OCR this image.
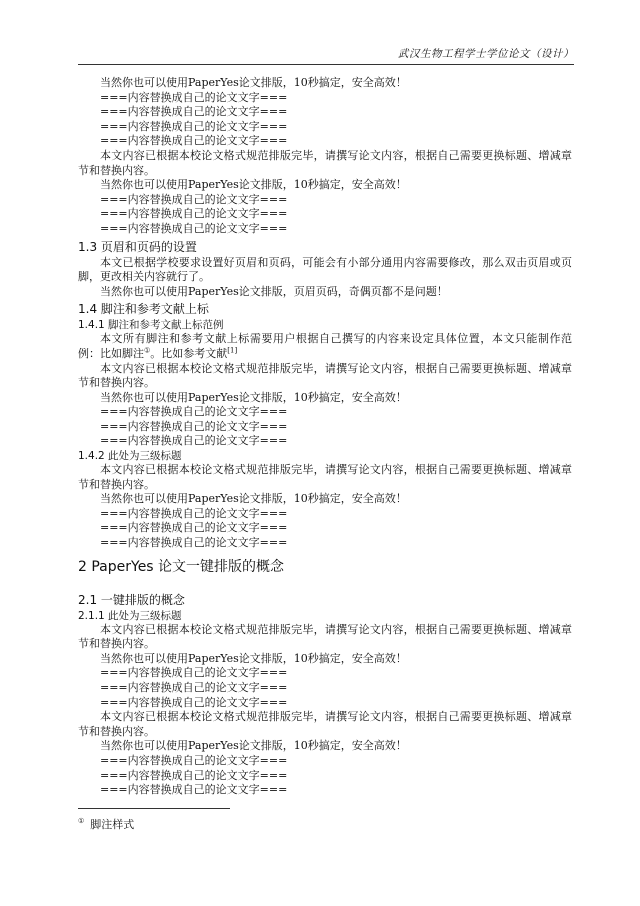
武汉生物工程学士学位论文（设计）
当然你也可以使用PaperYes论文排版，10秒搞定，安全高效！
===内容替换成自己的论文文字===
===内容替换成自己的论文文字===
===内容替换成自己的论文文字===
===内容替换成自己的论文文字===
本文内容已根据本校论文格式规范排版完毕，请撰写论文内容，根据自己需要更换标题、增减章节和替换内容。
当然你也可以使用PaperYes论文排版，10秒搞定，安全高效！
===内容替换成自己的论文文字===
===内容替换成自己的论文文字===
===内容替换成自己的论文文字===
1.3 页眉和页码的设置
本文已根据学校要求设置好页眉和页码，可能会有小部分通用内容需要修改，那么双击页眉或页脚，更改相关内容就行了。
当然你也可以使用PaperYes论文排版，页眉页码，奇偶页都不是问题！
1.4 脚注和参考文献上标
1.4.1 脚注和参考文献上标范例
本文所有脚注和参考文献上标需要用户根据自己撰写的内容来设定具体位置，本文只能制作范例：比如脚注①。比如参考文献[1]
本文内容已根据本校论文格式规范排版完毕，请撰写论文内容，根据自己需要更换标题、增减章节和替换内容。
当然你也可以使用PaperYes论文排版，10秒搞定，安全高效！
===内容替换成自己的论文文字===
===内容替换成自己的论文文字===
===内容替换成自己的论文文字===
1.4.2 此处为三级标题
本文内容已根据本校论文格式规范排版完毕，请撰写论文内容，根据自己需要更换标题、增减章节和替换内容。
当然你也可以使用PaperYes论文排版，10秒搞定，安全高效！
===内容替换成自己的论文文字===
===内容替换成自己的论文文字===
===内容替换成自己的论文文字===
2 PaperYes 论文一键排版的概念
2.1 一键排版的概念
2.1.1 此处为三级标题
本文内容已根据本校论文格式规范排版完毕，请撰写论文内容，根据自己需要更换标题、增减章节和替换内容。
当然你也可以使用PaperYes论文排版，10秒搞定，安全高效！
===内容替换成自己的论文文字===
===内容替换成自己的论文文字===
===内容替换成自己的论文文字===
本文内容已根据本校论文格式规范排版完毕，请撰写论文内容，根据自己需要更换标题、增减章节和替换内容。
当然你也可以使用PaperYes论文排版，10秒搞定，安全高效！
===内容替换成自己的论文文字===
===内容替换成自己的论文文字===
===内容替换成自己的论文文字===
① 脚注样式
